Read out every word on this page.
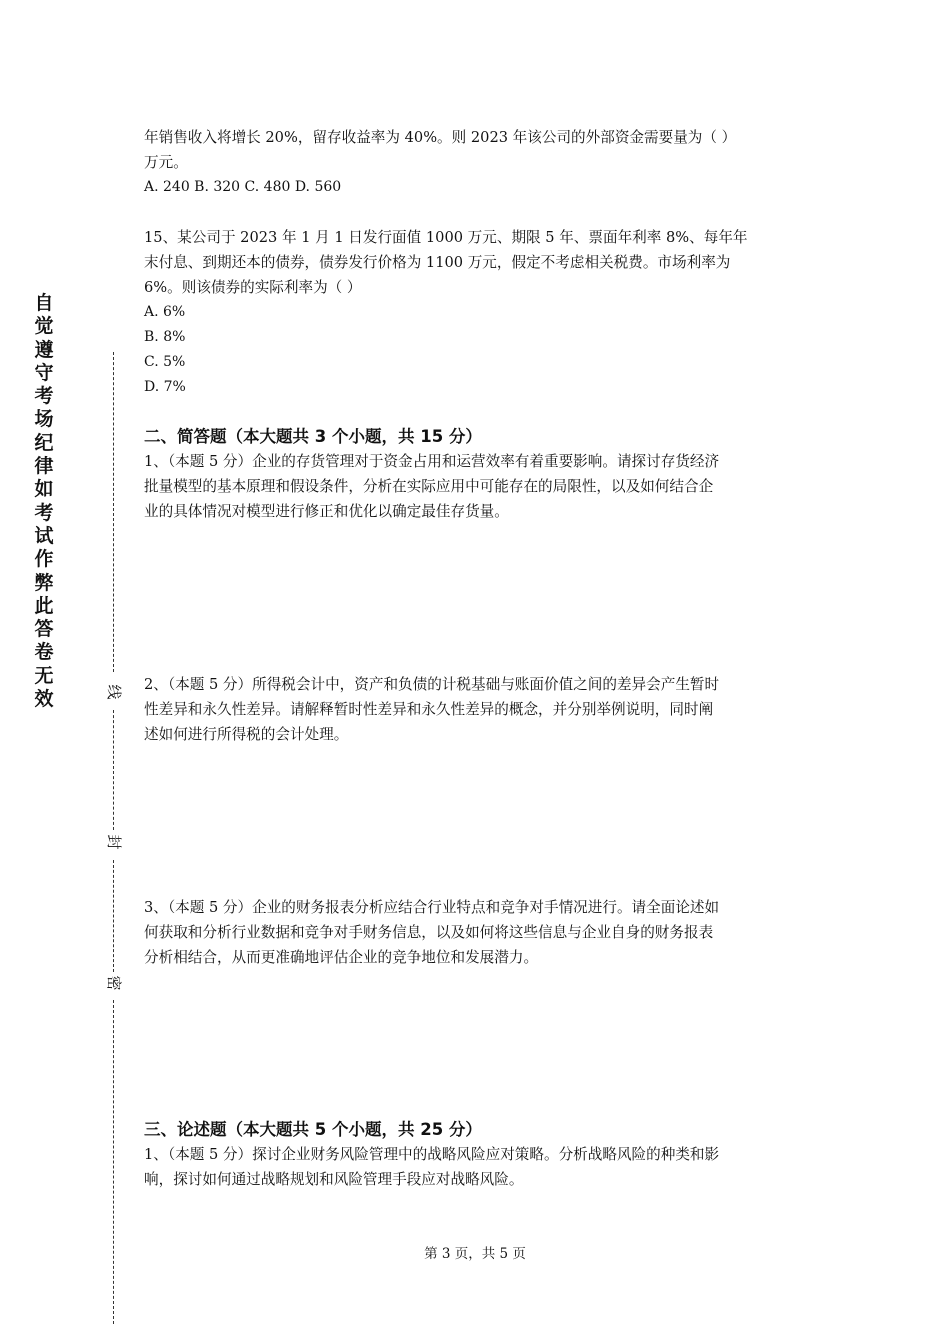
自
觉
遵
守
考
场
纪
律
如
考
试
作
弊
此
答
卷
无
效	线
封
密

年销售收入将增长 20%，留存收益率为 40%。则 2023 年该公司的外部资金需要量为（ ）

万元。

A. 240 B. 320 C. 480 D. 560

15、某公司于 2023 年 1 月 1 日发行面值 1000 万元、期限 5 年、票面年利率 8%、每年年

末付息、到期还本的债券，债券发行价格为 1100 万元，假定不考虑相关税费。市场利率为

6%。则该债券的实际利率为（ ）

A. 6%

B. 8%

C. 5%

D. 7%

二、简答题（本大题共 3 个小题，共 15 分）

1、（本题 5 分）企业的存货管理对于资金占用和运营效率有着重要影响。请探讨存货经济

批量模型的基本原理和假设条件，分析在实际应用中可能存在的局限性，以及如何结合企

业的具体情况对模型进行修正和优化以确定最佳存货量。

2、（本题 5 分）所得税会计中，资产和负债的计税基础与账面价值之间的差异会产生暂时

性差异和永久性差异。请解释暂时性差异和永久性差异的概念，并分别举例说明，同时阐

述如何进行所得税的会计处理。

3、（本题 5 分）企业的财务报表分析应结合行业特点和竞争对手情况进行。请全面论述如

何获取和分析行业数据和竞争对手财务信息，以及如何将这些信息与企业自身的财务报表

分析相结合，从而更准确地评估企业的竞争地位和发展潜力。

三、论述题（本大题共 5 个小题，共 25 分）

1、（本题 5 分）探讨企业财务风险管理中的战略风险应对策略。分析战略风险的种类和影

响，探讨如何通过战略规划和风险管理手段应对战略风险。

第 3 页，共 5 页
